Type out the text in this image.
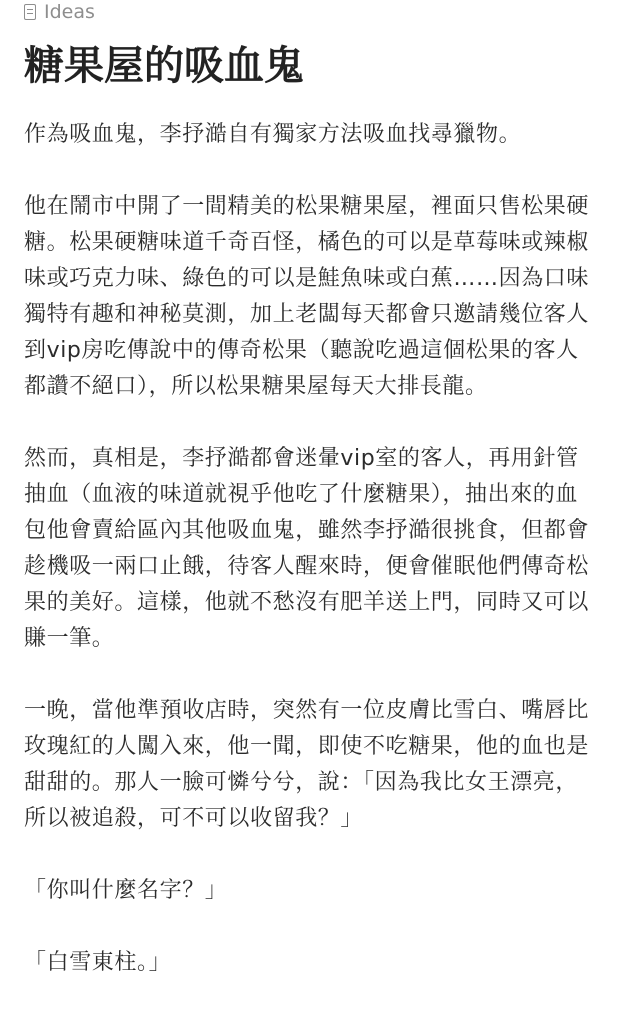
Ideas
糖果屋的吸血鬼

作為吸血鬼，李抒澔自有獨家方法吸血找尋獵物。

他在鬧市中開了一間精美的松果糖果屋，裡面只售松果硬糖。松果硬糖味道千奇百怪，橘色的可以是草莓味或辣椒味或巧克力味、綠色的可以是鮭魚味或白蕉……因為口味獨特有趣和神秘莫測，加上老闆每天都會只邀請幾位客人到vip房吃傳說中的傳奇松果（聽說吃過這個松果的客人都讚不絕口），所以松果糖果屋每天大排長龍。

然而，真相是，李抒澔都會迷暈vip室的客人，再用針管抽血（血液的味道就視乎他吃了什麼糖果），抽出來的血包他會賣給區內其他吸血鬼，雖然李抒澔很挑食，但都會趁機吸一兩口止餓，待客人醒來時，便會催眠他們傳奇松果的美好。這樣，他就不愁沒有肥羊送上門，同時又可以賺一筆。

一晚，當他準預收店時，突然有一位皮膚比雪白、嘴唇比玫瑰紅的人闖入來，他一聞，即使不吃糖果，他的血也是甜甜的。那人一臉可憐兮兮，說：「因為我比女王漂亮，所以被追殺，可不可以收留我？」

「你叫什麼名字？」

「白雪東柱。」
